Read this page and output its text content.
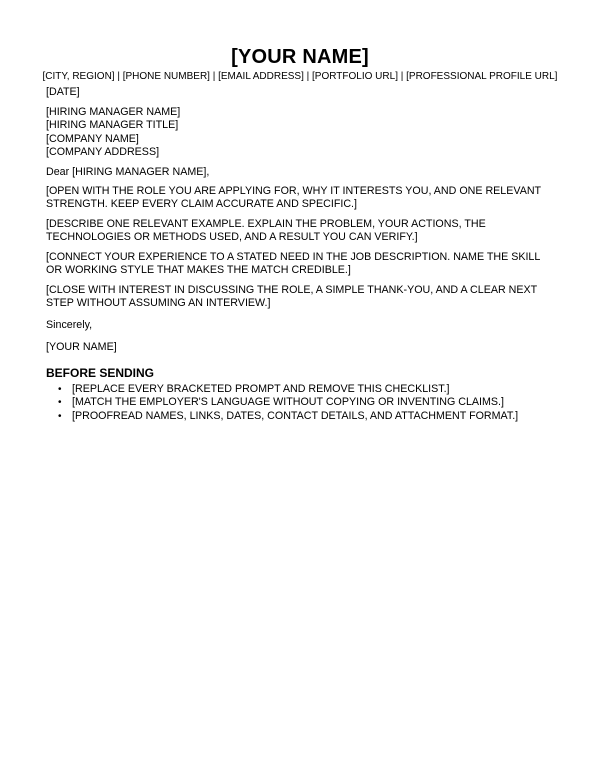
[YOUR NAME]
[CITY, REGION] | [PHONE NUMBER] | [EMAIL ADDRESS] | [PORTFOLIO URL] | [PROFESSIONAL PROFILE URL]

[DATE]

[HIRING MANAGER NAME]
[HIRING MANAGER TITLE]
[COMPANY NAME]
[COMPANY ADDRESS]

Dear [HIRING MANAGER NAME],

[OPEN WITH THE ROLE YOU ARE APPLYING FOR, WHY IT INTERESTS YOU, AND ONE RELEVANT STRENGTH. KEEP EVERY CLAIM ACCURATE AND SPECIFIC.]

[DESCRIBE ONE RELEVANT EXAMPLE. EXPLAIN THE PROBLEM, YOUR ACTIONS, THE TECHNOLOGIES OR METHODS USED, AND A RESULT YOU CAN VERIFY.]

[CONNECT YOUR EXPERIENCE TO A STATED NEED IN THE JOB DESCRIPTION. NAME THE SKILL OR WORKING STYLE THAT MAKES THE MATCH CREDIBLE.]

[CLOSE WITH INTEREST IN DISCUSSING THE ROLE, A SIMPLE THANK-YOU, AND A CLEAR NEXT STEP WITHOUT ASSUMING AN INTERVIEW.]

Sincerely,

[YOUR NAME]

BEFORE SENDING
• [REPLACE EVERY BRACKETED PROMPT AND REMOVE THIS CHECKLIST.]
• [MATCH THE EMPLOYER'S LANGUAGE WITHOUT COPYING OR INVENTING CLAIMS.]
• [PROOFREAD NAMES, LINKS, DATES, CONTACT DETAILS, AND ATTACHMENT FORMAT.]
